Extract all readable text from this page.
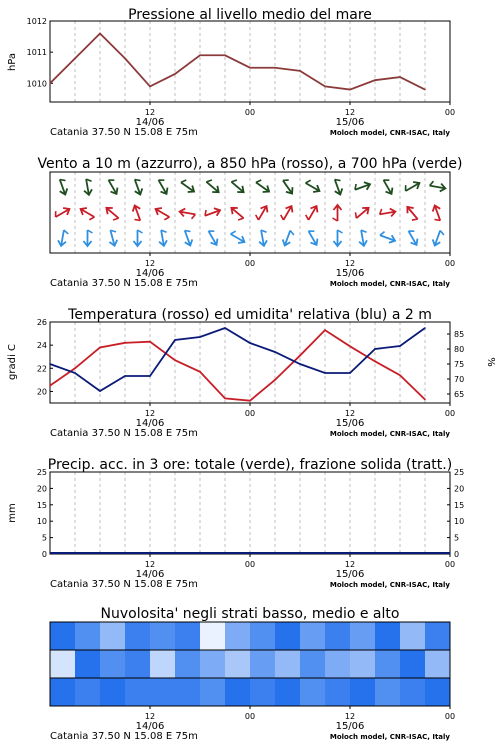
Pressione al livello medio del mare
1010
1011
1012
hPa
12	00	12	00
14/06	15/06
Catania 37.50 N 15.08 E 75m	Moloch model, CNR-ISAC, Italy
Vento a 10 m (azzurro), a 850 hPa (rosso), a 700 hPa (verde)
12	00	12	00
14/06	15/06
Catania 37.50 N 15.08 E 75m	Moloch model, CNR-ISAC, Italy
Temperatura (rosso) ed umidita' relativa (blu) a 2 m
20
22
24
26
65
70
75
80
85
gradi C	%
12	00	12	00
14/06	15/06
Catania 37.50 N 15.08 E 75m	Moloch model, CNR-ISAC, Italy
Precip. acc. in 3 ore: totale (verde), frazione solida (tratt.)
0	0
5	5
10	10
15	15
20	20
25	25
mm
12	00	12	00
14/06	15/06
Catania 37.50 N 15.08 E 75m	Moloch model, CNR-ISAC, Italy
Nuvolosita' negli strati basso, medio e alto
12	00	12	00
14/06	15/06
Catania 37.50 N 15.08 E 75m	Moloch model, CNR-ISAC, Italy
